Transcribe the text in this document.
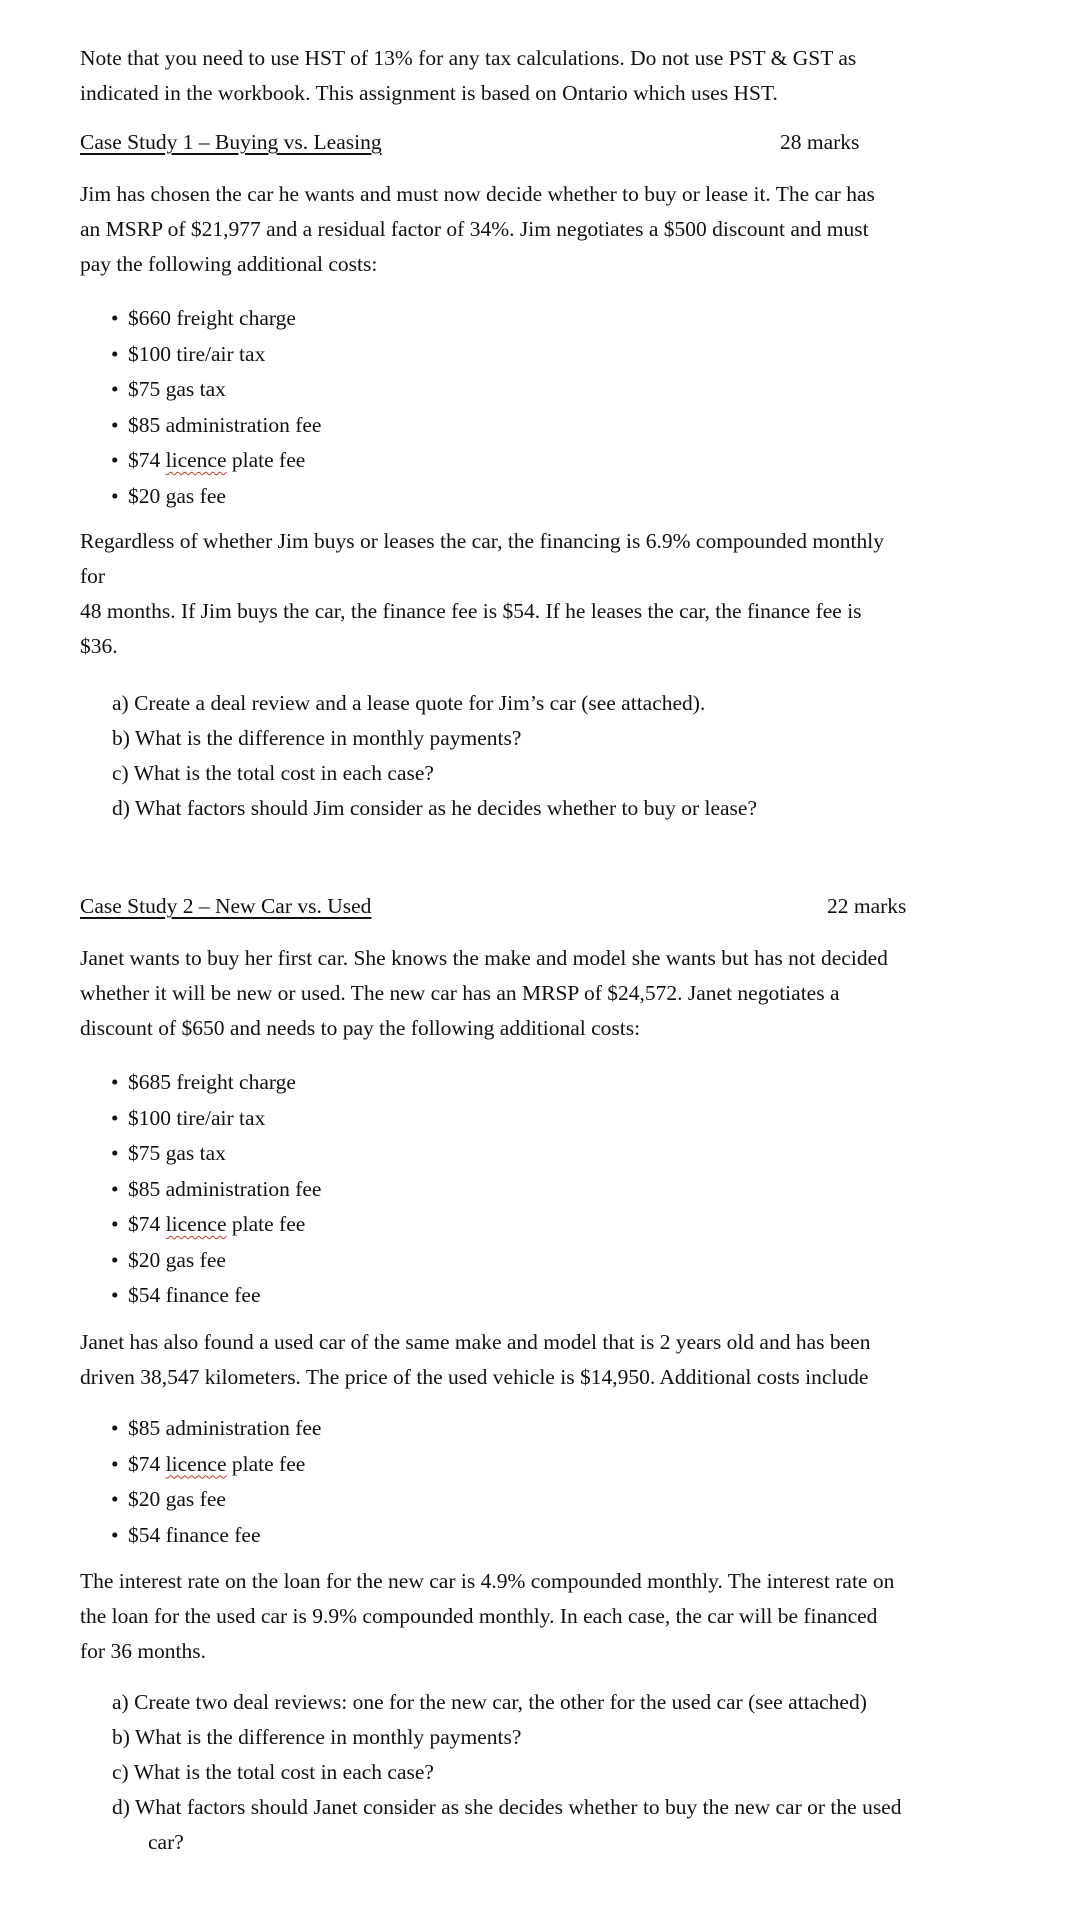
Note that you need to use HST of 13% for any tax calculations. Do not use PST & GST as
indicated in the workbook. This assignment is based on Ontario which uses HST.

Case Study 1 – Buying vs. Leasing	28 marks

Jim has chosen the car he wants and must now decide whether to buy or lease it. The car has
an MSRP of $21,977 and a residual factor of 34%. Jim negotiates a $500 discount and must
pay the following additional costs:

• $660 freight charge
• $100 tire/air tax
• $75 gas tax
• $85 administration fee
• $74 licence plate fee
• $20 gas fee

Regardless of whether Jim buys or leases the car, the financing is 6.9% compounded monthly
for
48 months. If Jim buys the car, the finance fee is $54. If he leases the car, the finance fee is
$36.

a) Create a deal review and a lease quote for Jim’s car (see attached).
b) What is the difference in monthly payments?
c) What is the total cost in each case?
d) What factors should Jim consider as he decides whether to buy or lease?
Case Study 2 – New Car vs. Used	22 marks

Janet wants to buy her first car. She knows the make and model she wants but has not decided
whether it will be new or used. The new car has an MRSP of $24,572. Janet negotiates a
discount of $650 and needs to pay the following additional costs:

• $685 freight charge
• $100 tire/air tax
• $75 gas tax
• $85 administration fee
• $74 licence plate fee
• $20 gas fee
• $54 finance fee

Janet has also found a used car of the same make and model that is 2 years old and has been
driven 38,547 kilometers. The price of the used vehicle is $14,950. Additional costs include

• $85 administration fee
• $74 licence plate fee
• $20 gas fee
• $54 finance fee

The interest rate on the loan for the new car is 4.9% compounded monthly. The interest rate on
the loan for the used car is 9.9% compounded monthly. In each case, the car will be financed
for 36 months.

a) Create two deal reviews: one for the new car, the other for the used car (see attached)
b) What is the difference in monthly payments?
c) What is the total cost in each case?
d) What factors should Janet consider as she decides whether to buy the new car or the used
car?
